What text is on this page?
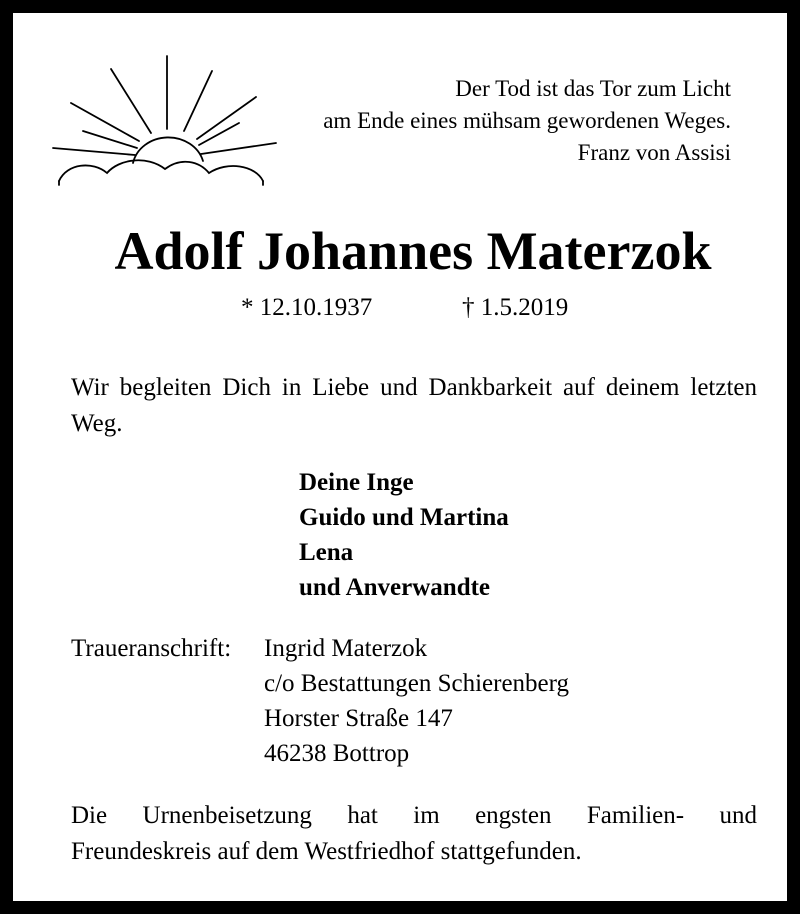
Der Tod ist das Tor zum Licht
am Ende eines mühsam gewordenen Weges.
Franz von Assisi
Adolf Johannes Materzok
* 12.10.1937	† 1.5.2019
Wir begleiten Dich in Liebe und Dankbarkeit auf deinem letzten Weg.
Deine Inge
Guido und Martina
Lena
und Anverwandte
Traueranschrift: Ingrid Materzok
c/o Bestattungen Schierenberg
Horster Straße 147
46238 Bottrop
Die Urnenbeisetzung hat im engsten Familien- und
Freundeskreis auf dem Westfriedhof stattgefunden.
